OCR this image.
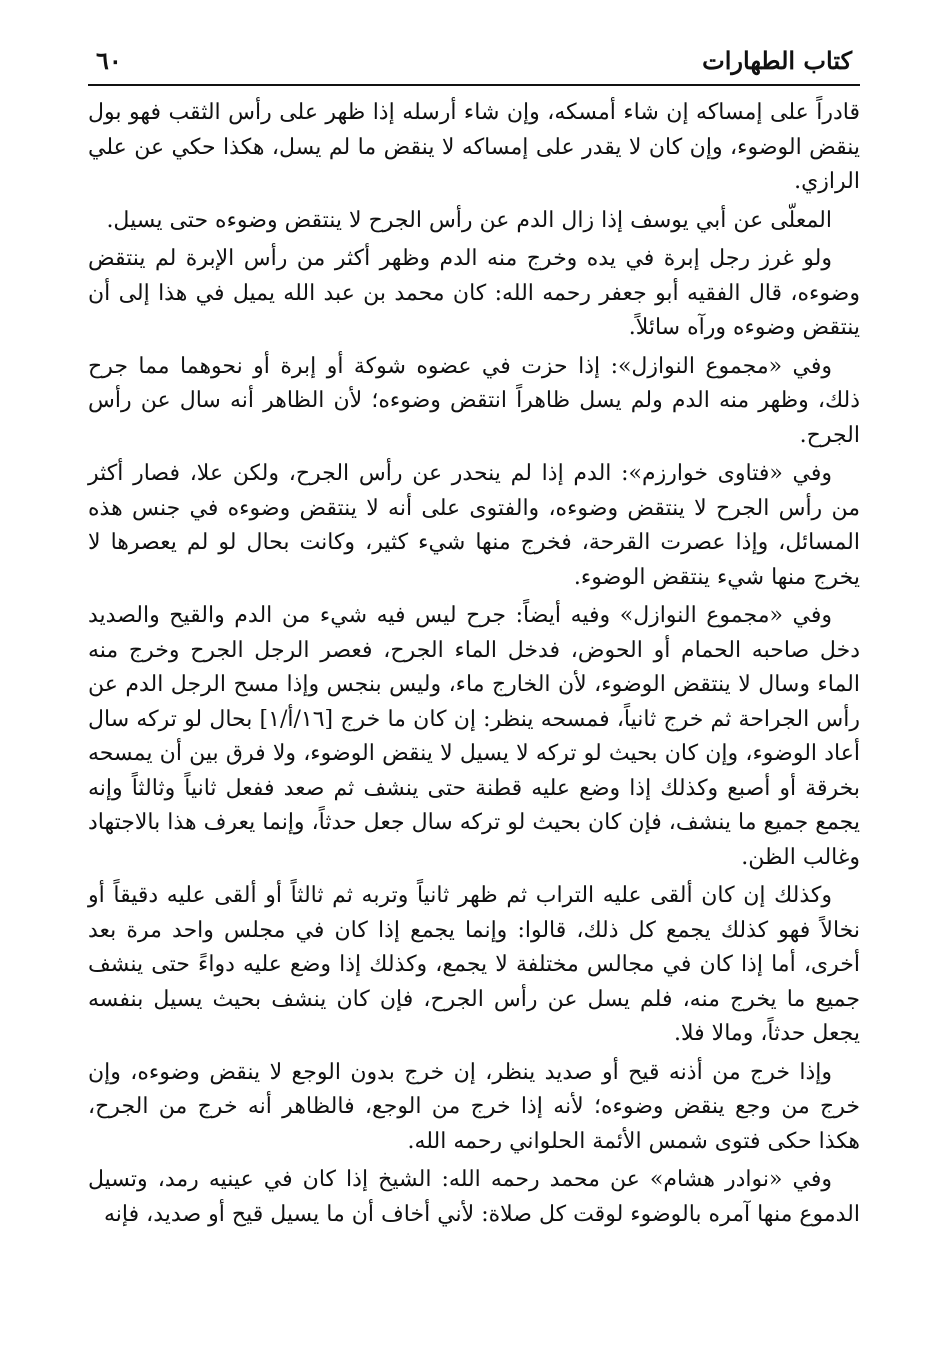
كتاب الطهارات
٦٠

قادراً على إمساكه إن شاء أمسكه، وإن شاء أرسله إذا ظهر على رأس الثقب فهو بول ينقض الوضوء، وإن كان لا يقدر على إمساكه لا ينقض ما لم يسل، هكذا حكي عن علي الرازي.

المعلّى عن أبي يوسف إذا زال الدم عن رأس الجرح لا ينتقض وضوءه حتى يسيل.

ولو غرز رجل إبرة في يده وخرج منه الدم وظهر أكثر من رأس الإبرة لم ينتقض وضوءه، قال الفقيه أبو جعفر رحمه الله: كان محمد بن عبد الله يميل في هذا إلى أن ينتقض وضوءه ورآه سائلاً.

وفي «مجموع النوازل»: إذا حزت في عضوه شوكة أو إبرة أو نحوهما مما جرح ذلك، وظهر منه الدم ولم يسل ظاهراً انتقض وضوءه؛ لأن الظاهر أنه سال عن رأس الجرح.

وفي «فتاوى خوارزم»: الدم إذا لم ينحدر عن رأس الجرح، ولكن علا، فصار أكثر من رأس الجرح لا ينتقض وضوءه، والفتوى على أنه لا ينتقض وضوءه في جنس هذه المسائل، وإذا عصرت القرحة، فخرج منها شيء كثير، وكانت بحال لو لم يعصرها لا يخرج منها شيء ينتقض الوضوء.

وفي «مجموع النوازل» وفيه أيضاً: جرح ليس فيه شيء من الدم والقيح والصديد دخل صاحبه الحمام أو الحوض، فدخل الماء الجرح، فعصر الرجل الجرح وخرج منه الماء وسال لا ينتقض الوضوء، لأن الخارج ماء، وليس بنجس وإذا مسح الرجل الدم عن رأس الجراحة ثم خرج ثانياً، فمسحه ينظر: إن كان ما خرج [١٦/أ/١] بحال لو تركه سال أعاد الوضوء، وإن كان بحيث لو تركه لا يسيل لا ينقض الوضوء، ولا فرق بين أن يمسحه بخرقة أو أصبع وكذلك إذا وضع عليه قطنة حتى ينشف ثم صعد ففعل ثانياً وثالثاً وإنه يجمع جميع ما ينشف، فإن كان بحيث لو تركه سال جعل حدثاً، وإنما يعرف هذا بالاجتهاد وغالب الظن.

وكذلك إن كان ألقى عليه التراب ثم ظهر ثانياً وتربه ثم ثالثاً أو ألقى عليه دقيقاً أو نخالاً فهو كذلك يجمع كل ذلك، قالوا: وإنما يجمع إذا كان في مجلس واحد مرة بعد أخرى، أما إذا كان في مجالس مختلفة لا يجمع، وكذلك إذا وضع عليه دواءً حتى ينشف جميع ما يخرج منه، فلم يسل عن رأس الجرح، فإن كان ينشف بحيث يسيل بنفسه يجعل حدثاً، ومالا فلا.

وإذا خرج من أذنه قيح أو صديد ينظر، إن خرج بدون الوجع لا ينقض وضوءه، وإن خرج من وجع ينقض وضوءه؛ لأنه إذا خرج من الوجع، فالظاهر أنه خرج من الجرح، هكذا حكى فتوى شمس الأئمة الحلواني رحمه الله.

وفي «نوادر هشام» عن محمد رحمه الله: الشيخ إذا كان في عينيه رمد، وتسيل الدموع منها آمره بالوضوء لوقت كل صلاة: لأني أخاف أن ما يسيل قيح أو صديد، فإنه
